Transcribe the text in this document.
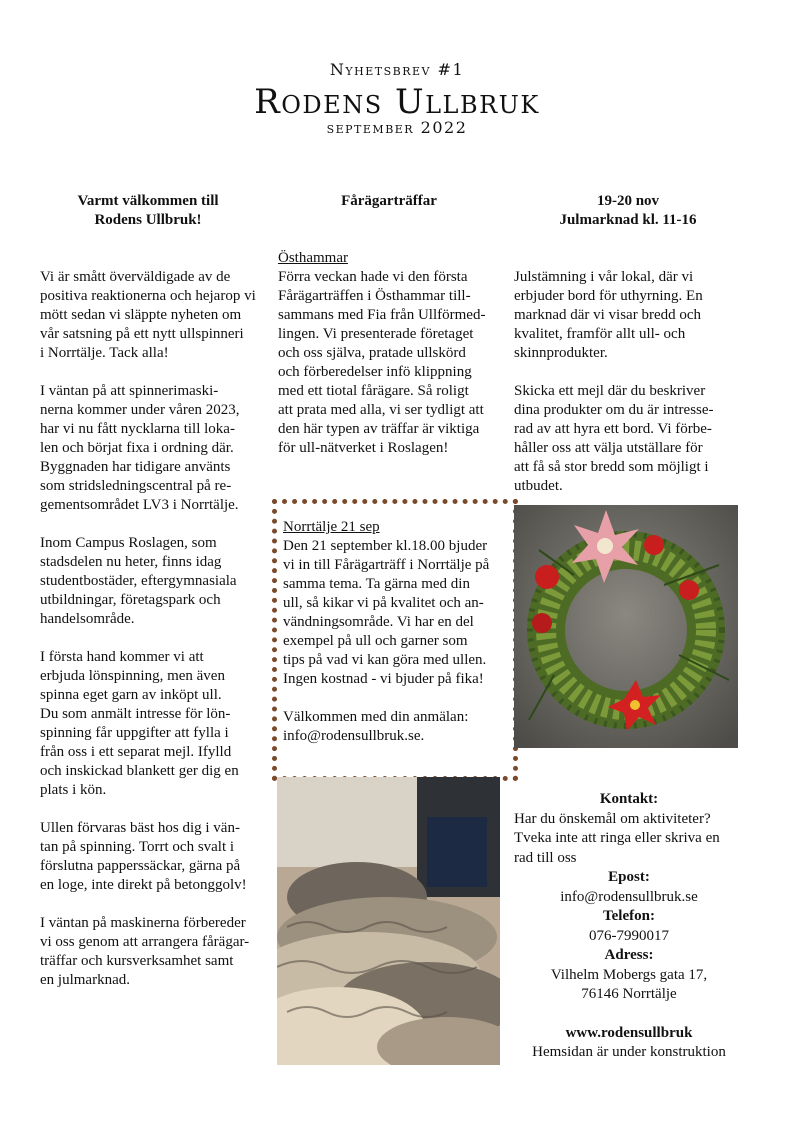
Nyhetsbrev #1
Rodens Ullbruk
september 2022
Varmt välkommen till
Rodens Ullbruk!

Vi är smått överväldigade av de
positiva reaktionerna och hejarop vi
mött sedan vi släppte nyheten om
vår satsning på ett nytt ullspinneri
i Norrtälje. Tack alla!

I väntan på att spinnerimaski-
nerna kommer under våren 2023,
har vi nu fått nycklarna till loka-
len och börjat fixa i ordning där.
Byggnaden har tidigare använts
som stridsledningscentral på re-
gementsområdet LV3 i Norrtälje.

Inom Campus Roslagen, som
stadsdelen nu heter, finns idag
studentbostäder, eftergymnasiala
utbildningar, företagspark och
handelsområde.

I första hand kommer vi att
erbjuda lönspinning, men även
spinna eget garn av inköpt ull.
Du som anmält intresse för lön-
spinning får uppgifter att fylla i
från oss i ett separat mejl. Ifylld
och inskickad blankett ger dig en
plats i kön.

Ullen förvaras bäst hos dig i vän-
tan på spinning. Torrt och svalt i
förslutna papperssäckar, gärna på
en loge, inte direkt på betonggolv!

I väntan på maskinerna förbereder
vi oss genom att arrangera fårägar-
träffar och kursverksamhet samt
en julmarknad.

Fårägarträffar
Östhammar

Förra veckan hade vi den första
Fårägarträffen i Östhammar till-
sammans med Fia från Ullförmed-
lingen. Vi presenterade företaget
och oss själva, pratade ullskörd
och förberedelser infö klippning
med ett tiotal fårägare. Så roligt
att prata med alla, vi ser tydligt att
den här typen av träffar är viktiga
för ull-nätverket i Roslagen!

Norrtälje 21 sep

Den 21 september kl.18.00 bjuder
vi in till Fårägarträff i Norrtälje på
samma tema. Ta gärna med din
ull, så kikar vi på kvalitet och an-
vändningsområde. Vi har en del
exempel på ull och garner som
tips på vad vi kan göra med ullen.
Ingen kostnad - vi bjuder på fika!

Välkommen med din anmälan:
info@rodensullbruk.se.

19-20 nov
Julmarknad kl. 11-16

Julstämning i vår lokal, där vi
erbjuder bord för uthyrning. En
marknad där vi visar bredd och
kvalitet, framför allt ull- och
skinnprodukter.

Skicka ett mejl där du beskriver
dina produkter om du är intresse-
rad av att hyra ett bord. Vi förbe-
håller oss att välja utställare för
att få så stor bredd som möjligt i
utbudet.

Kontakt:
Har du önskemål om aktiviteter?
Tveka inte att ringa eller skriva en
rad till oss
Epost:
info@rodensullbruk.se
Telefon:
076-7990017
Adress:
Vilhelm Mobergs gata 17,
76146 Norrtälje
www.rodensullbruk
Hemsidan är under konstruktion
